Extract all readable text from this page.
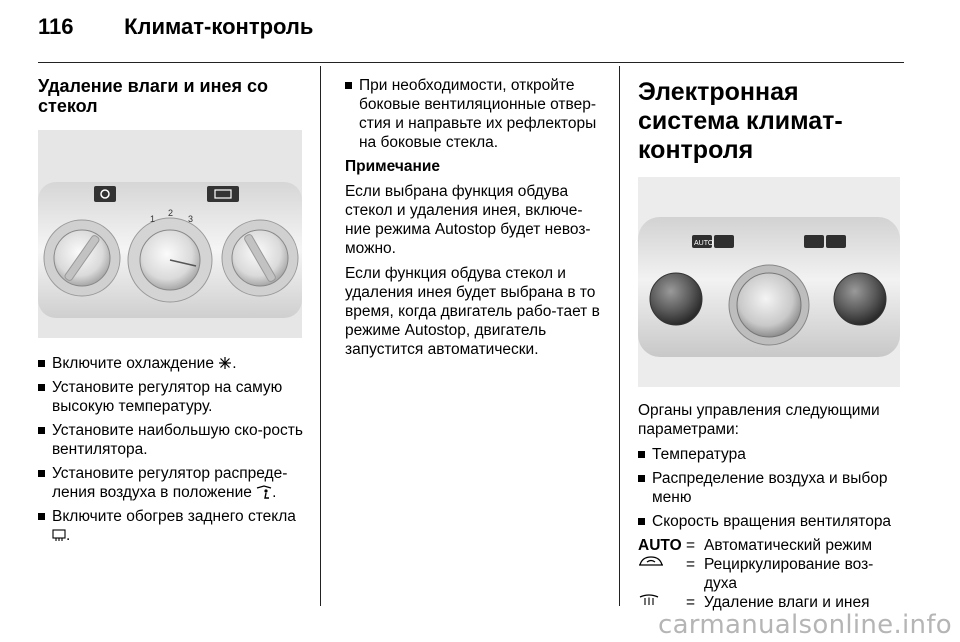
116 Климат-контроль
Удаление влаги и инея со стекол
1
2
3
Включите охлаждение .
Установите регулятор на самую высокую температуру.
Установите наибольшую ско-рость вентилятора.
Установите регулятор распреде-ления воздуха в положение .
Включите обогрев заднего стекла .
При необходимости, откройте боковые вентиляционные отвер-стия и направьте их рефлекторы на боковые стекла.

Примечание

Если выбрана функция обдува стекол и удаления инея, включе-ние режима Autostop будет невоз-можно.

Если функция обдува стекол и удаления инея будет выбрана в то время, когда двигатель рабо-тает в режиме Autostop, двигатель запустится автоматически.

Электронная система климат-контроля
AUTO

Органы управления следующими параметрами:

Температура
Распределение воздуха и выбор меню
Скорость вращения вентилятора
AUTO = Автоматический режим
= Рециркулирование воз-духа
= Удаление влаги и инея
carmanualsonline.info
